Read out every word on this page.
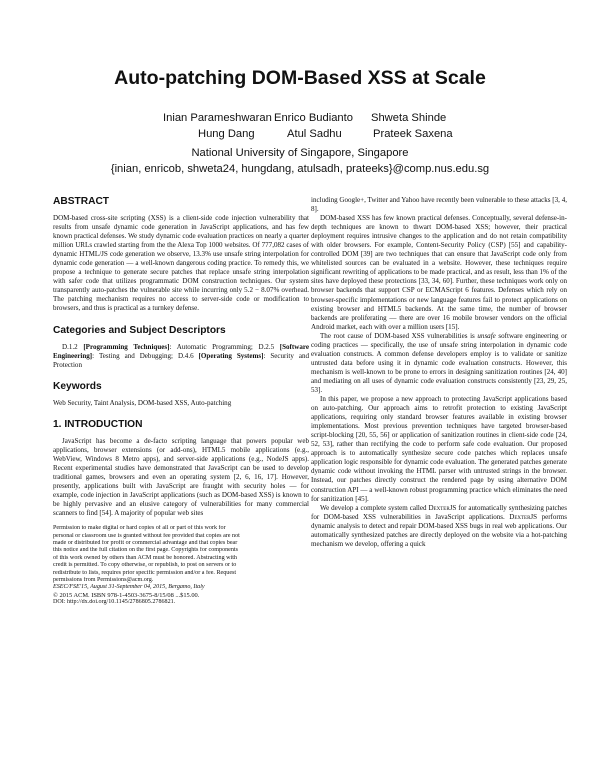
Auto-patching DOM-Based XSS at Scale
Inian Parameshwaran Enrico Budianto Shweta Shinde
Hung Dang	Atul Sadhu	Prateek Saxena
National University of Singapore, Singapore
{inian, enricob, shweta24, hungdang, atulsadh, prateeks}@comp.nus.edu.sg
ABSTRACT

DOM-based cross-site scripting (XSS) is a client-side code injection vulnerability that results from unsafe dynamic code generation in JavaScript applications, and has few known practical defenses. We study dynamic code evaluation practices on nearly a quarter million URLs crawled starting from the the Alexa Top 1000 websites. Of 777,082 cases of dynamic HTML/JS code generation we observe, 13.3% use unsafe string interpolation for dynamic code generation — a well-known dangerous coding practice. To remedy this, we propose a technique to generate secure patches that replace unsafe string interpolation with safer code that utilizes programmatic DOM construction techniques. Our system transparently auto-patches the vulnerable site while incurring only 5.2 − 8.07% overhead. The patching mechanism requires no access to server-side code or modification to browsers, and thus is practical as a turnkey defense.

Categories and Subject Descriptors

D.1.2 [Programming Techniques]: Automatic Programming; D.2.5 [Software Engineering]: Testing and Debugging; D.4.6 [Operating Systems]: Security and Protection

Keywords

Web Security, Taint Analysis, DOM-based XSS, Auto-patching

1. INTRODUCTION

JavaScript has become a de-facto scripting language that powers popular web applications, browser extensions (or add-ons), HTML5 mobile applications (e.g., WebView, Windows 8 Metro apps), and server-side applications (e.g., NodeJS apps). Recent experimental studies have demonstrated that JavaScript can be used to develop traditional games, browsers and even an operating system [2, 6, 16, 17]. However, presently, applications built with JavaScript are fraught with security holes — for example, code injection in JavaScript applications (such as DOM-based XSS) is known to be highly pervasive and an elusive category of vulnerabilities for many commercial scanners to find [54]. A majority of popular web sites

Permission to make digital or hard copies of all or part of this work for
personal or classroom use is granted without fee provided that copies are not
made or distributed for profit or commercial advantage and that copies bear
this notice and the full citation on the first page. Copyrights for components
of this work owned by others than ACM must be honored. Abstracting with
credit is permitted. To copy otherwise, or republish, to post on servers or to
redistribute to lists, requires prior specific permission and/or a fee. Request
permissions from Permissions@acm.org.
ESEC/FSE'15, August 31-September 04, 2015, Bergamo, Italy
© 2015 ACM. ISBN 978-1-4503-3675-8/15/08 ...$15.00.
DOI: http://dx.doi.org/10.1145/2786805.2786821.

including Google+, Twitter and Yahoo have recently been vulnerable to these attacks [3, 4, 8].

DOM-based XSS has few known practical defenses. Conceptually, several defense-in-depth techniques are known to thwart DOM-based XSS; however, their practical deployment requires intrusive changes to the application and do not retain compatibility with older browsers. For example, Content-Security Policy (CSP) [55] and capability-controlled DOM [39] are two techniques that can ensure that JavaScript code only from whitelisted sources can be evaluated in a website. However, these techniques require significant rewriting of applications to be made practical, and as result, less than 1% of the sites have deployed these protections [33, 34, 60]. Further, these techniques work only on browser backends that support CSP or ECMAScript 6 features. Defenses which rely on browser-specific implementations or new language features fail to protect applications on existing browser and HTML5 backends. At the same time, the number of browser backends are proliferating — there are over 16 mobile browser vendors on the official Android market, each with over a million users [15].

The root cause of DOM-based XSS vulnerabilities is unsafe software engineering or coding practices — specifically, the use of unsafe string interpolation in dynamic code evaluation constructs. A common defense developers employ is to validate or sanitize untrusted data before using it in dynamic code evaluation constructs. However, this mechanism is well-known to be prone to errors in designing sanitization routines [24, 40] and mediating on all uses of dynamic code evaluation constructs consistently [23, 29, 25, 53].

In this paper, we propose a new approach to protecting JavaScript applications based on auto-patching. Our approach aims to retrofit protection to existing JavaScript applications, requiring only standard browser features available in existing browser implementations. Most previous prevention techniques have targeted browser-based script-blocking [20, 55, 56] or application of sanitization routines in client-side code [24, 52, 53], rather than rectifying the code to perform safe code evaluation. Our proposed approach is to automatically synthesize secure code patches which replaces unsafe application logic responsible for dynamic code evaluation. The generated patches generate dynamic code without invoking the HTML parser with untrusted strings in the browser. Instead, our patches directly construct the rendered page by using alternative DOM construction API — a well-known robust programming practice which eliminates the need for sanitization [45].

We develop a complete system called DexterJS for automatically synthesizing patches for DOM-based XSS vulnerabilities in JavaScript applications. DexterJS performs dynamic analysis to detect and repair DOM-based XSS bugs in real web applications. Our automatically synthesized patches are directly deployed on the website via a hot-patching mechanism we develop, offering a quick
